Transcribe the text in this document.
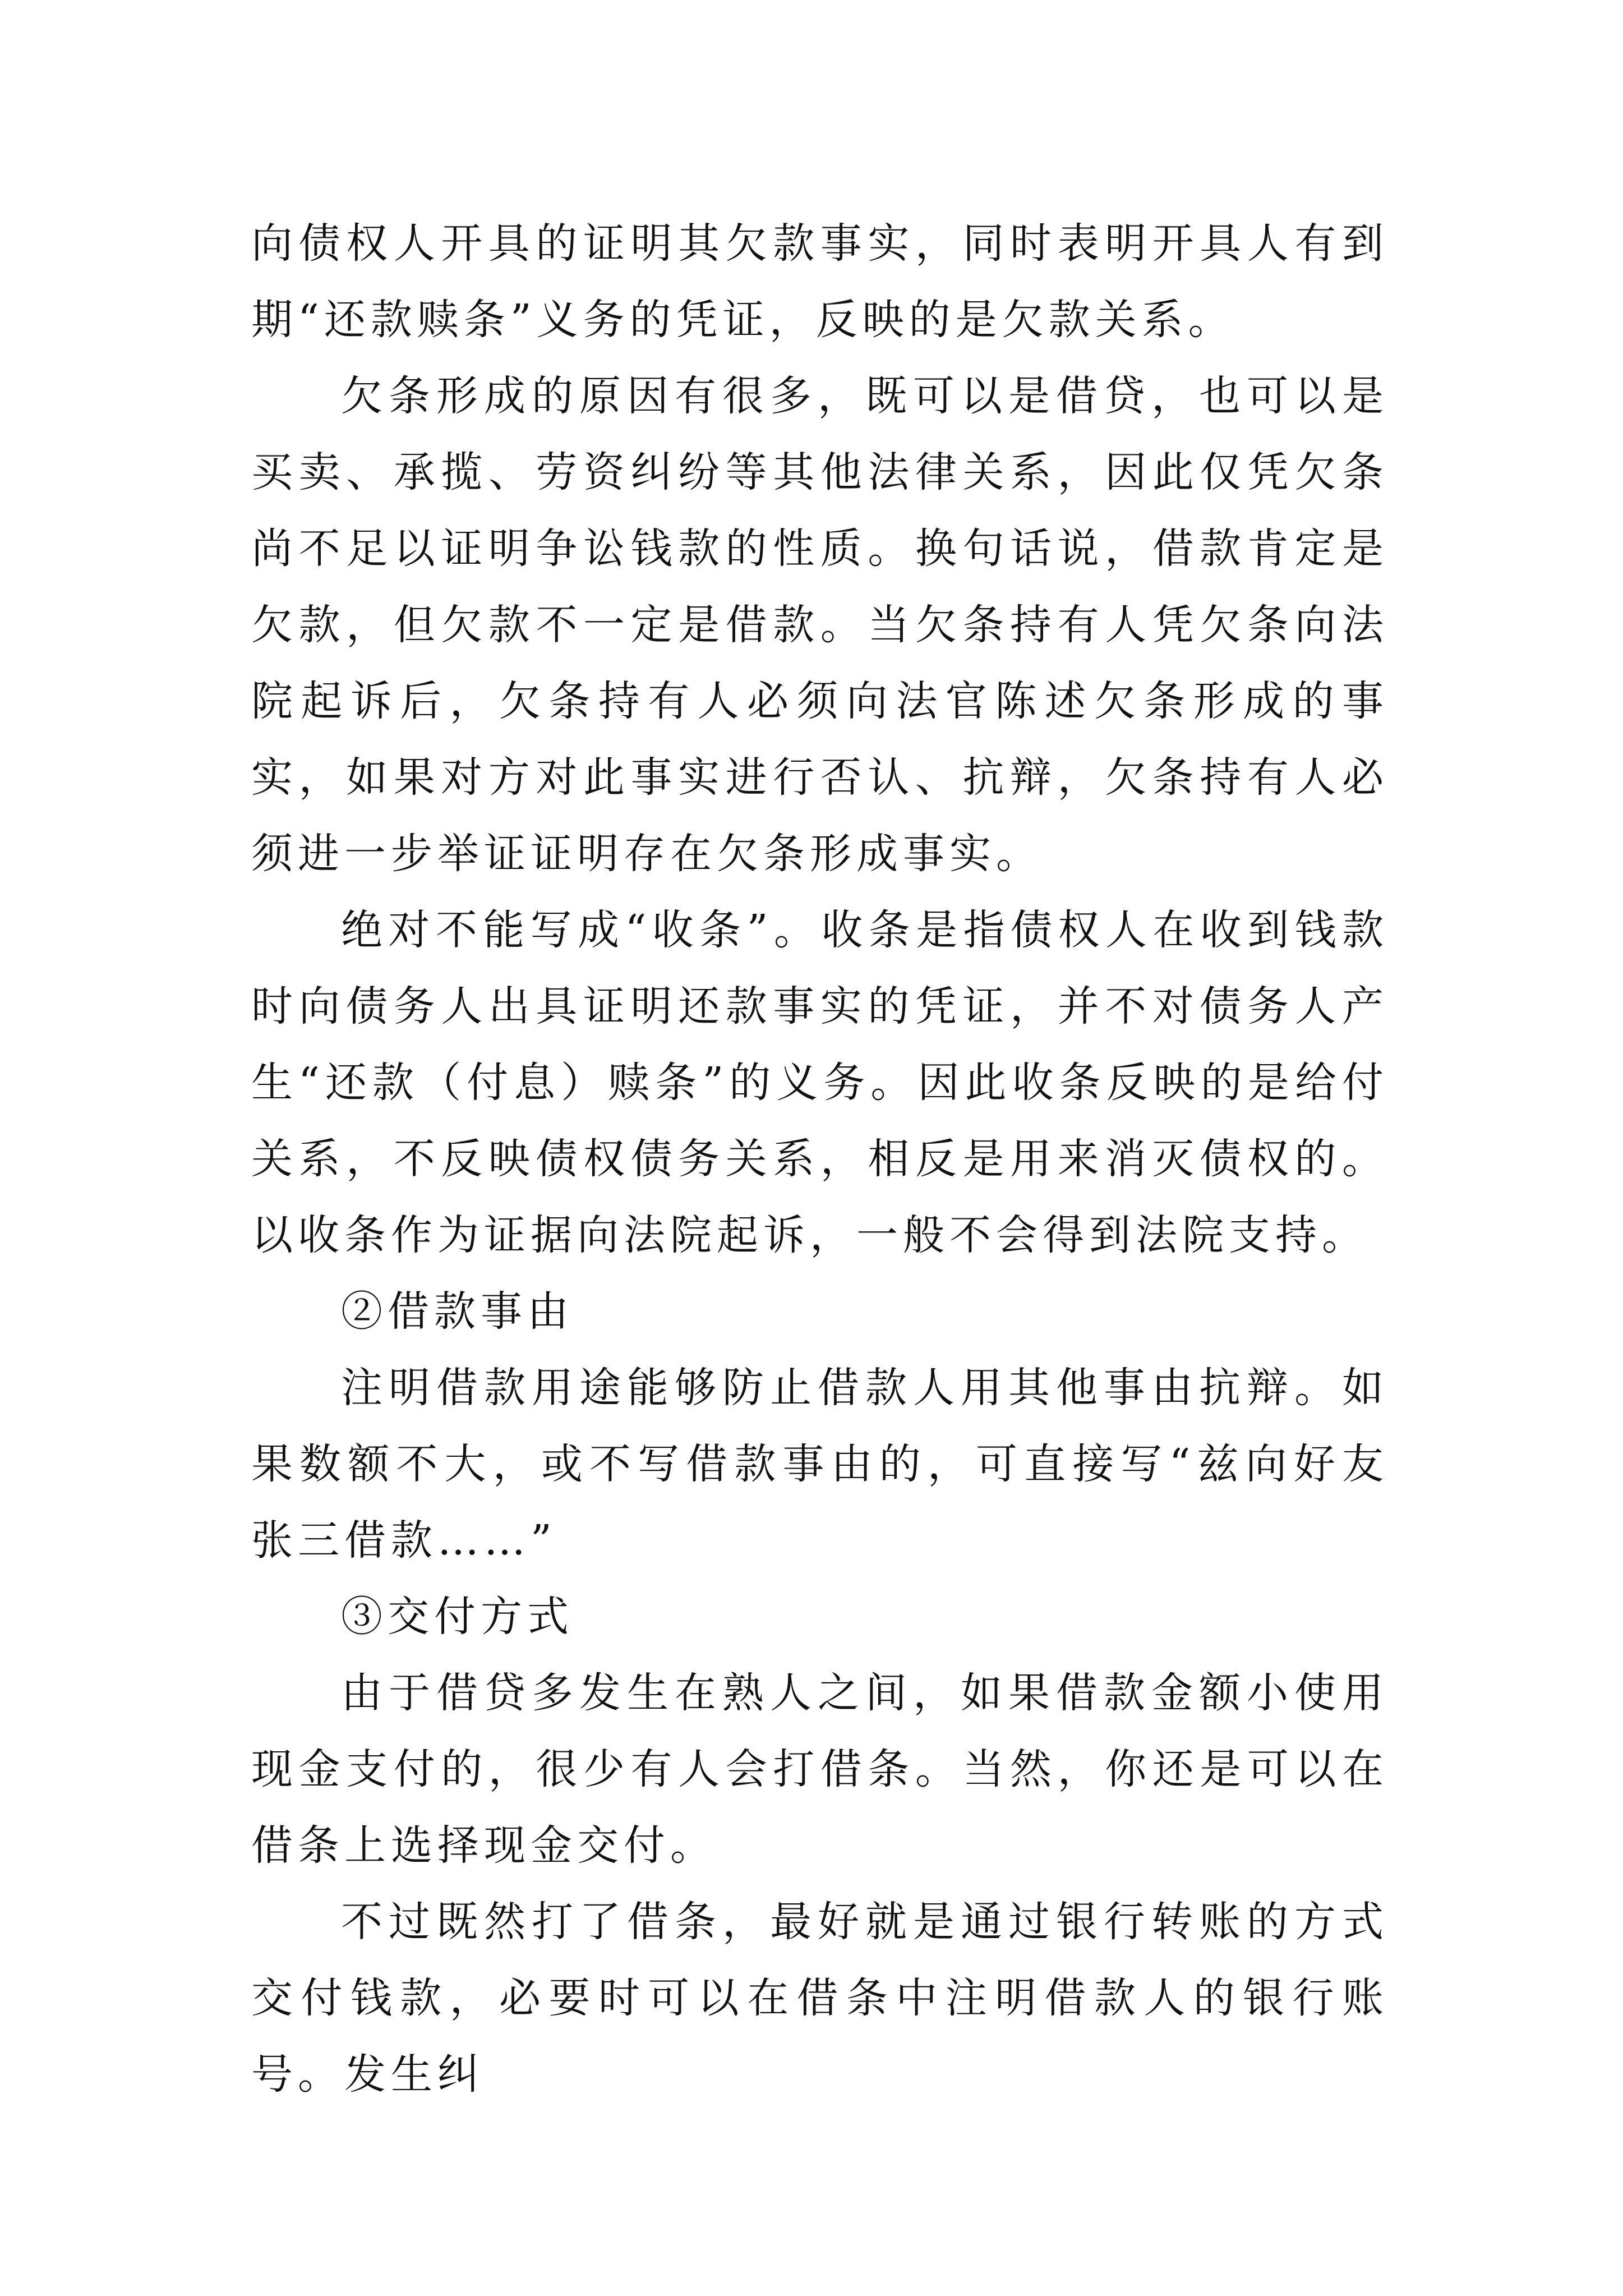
向债权人开具的证明其欠款事实，同时表明开具人有到期“还款赎条”义务的凭证，反映的是欠款关系。

欠条形成的原因有很多，既可以是借贷，也可以是买卖、承揽、劳资纠纷等其他法律关系，因此仅凭欠条尚不足以证明争讼钱款的性质。换句话说，借款肯定是欠款，但欠款不一定是借款。当欠条持有人凭欠条向法院起诉后，欠条持有人必须向法官陈述欠条形成的事实，如果对方对此事实进行否认、抗辩，欠条持有人必须进一步举证证明存在欠条形成事实。

绝对不能写成“收条”。收条是指债权人在收到钱款时向债务人出具证明还款事实的凭证，并不对债务人产生“还款（付息）赎条”的义务。因此收条反映的是给付关系，不反映债权债务关系，相反是用来消灭债权的。以收条作为证据向法院起诉，一般不会得到法院支持。

②借款事由

注明借款用途能够防止借款人用其他事由抗辩。如果数额不大，或不写借款事由的，可直接写“兹向好友张三借款……”

③交付方式

由于借贷多发生在熟人之间，如果借款金额小使用现金支付的，很少有人会打借条。当然，你还是可以在借条上选择现金交付。

不过既然打了借条，最好就是通过银行转账的方式交付钱款，必要时可以在借条中注明借款人的银行账号。发生纠
